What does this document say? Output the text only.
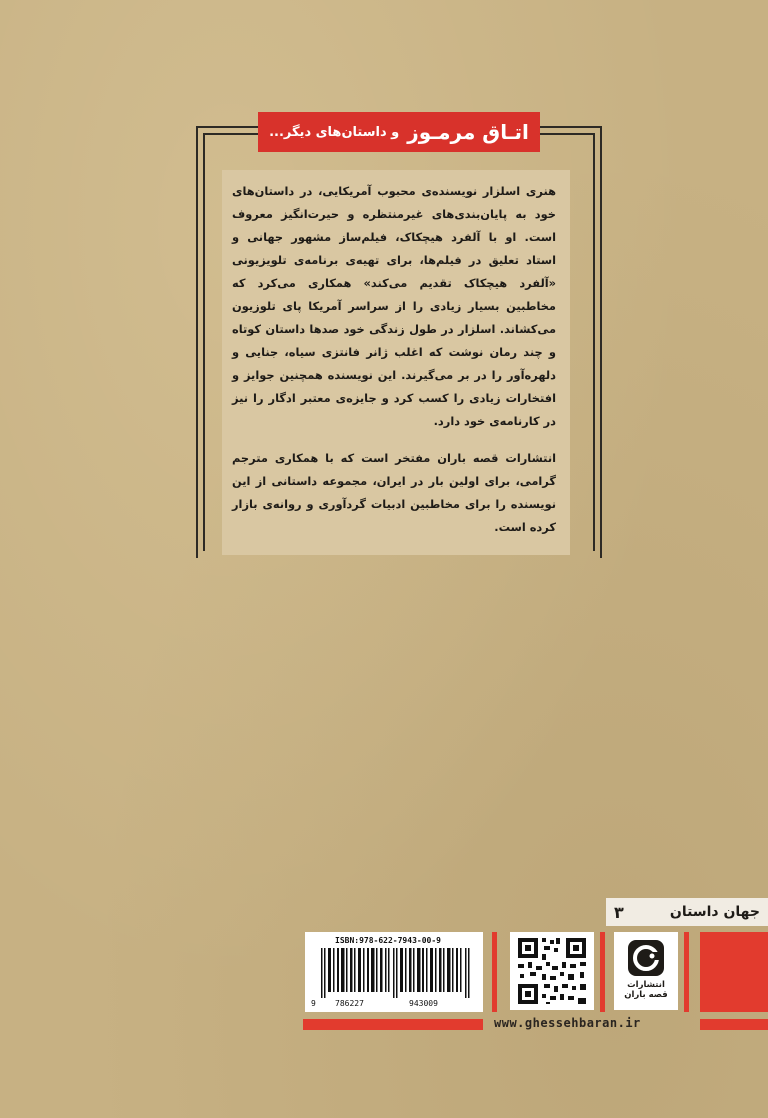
اتـاق مرمـوز
و داستان‌های دیگر...

هنری اسلزار نویسنده‌ی محبوب آمریکایی، در داستان‌های خود به پایان‌بندی‌های غیرمنتظره و حیرت‌انگیز معروف است. او با آلفرد هیچکاک، فیلم‌ساز مشهور جهانی و استاد تعلیق در فیلم‌ها، برای تهیه‌ی برنامه‌ی تلویزیونی «آلفرد هیچکاک تقدیم می‌کند» همکاری می‌کرد که مخاطبین بسیار زیادی را از سراسر آمریکا پای تلوزیون می‌کشاند. اسلزار در طول زندگی خود صدها داستان کوتاه و چند رمان نوشت که اغلب ژانر فانتزی سیاه، جنایی و دلهره‌آور را در بر می‌گیرند. این نویسنده همچنین جوایز و افتخارات زیادی را کسب کرد و جایزه‌ی معتبر ادگار را نیز در کارنامه‌ی خود دارد.

انتشارات قصه باران مفتخر است که با همکاری مترجم گرامی، برای اولین بار در ایران، مجموعه داستانی از این نویسنده را برای مخاطبین ادبیات گردآوری و روانه‌ی بازار کرده است.

جهان داستان
۳
ISBN:978-622-7943-00-9
9 786227	943009
انتشارات
قصه باران
www.ghessehbaran.ir
